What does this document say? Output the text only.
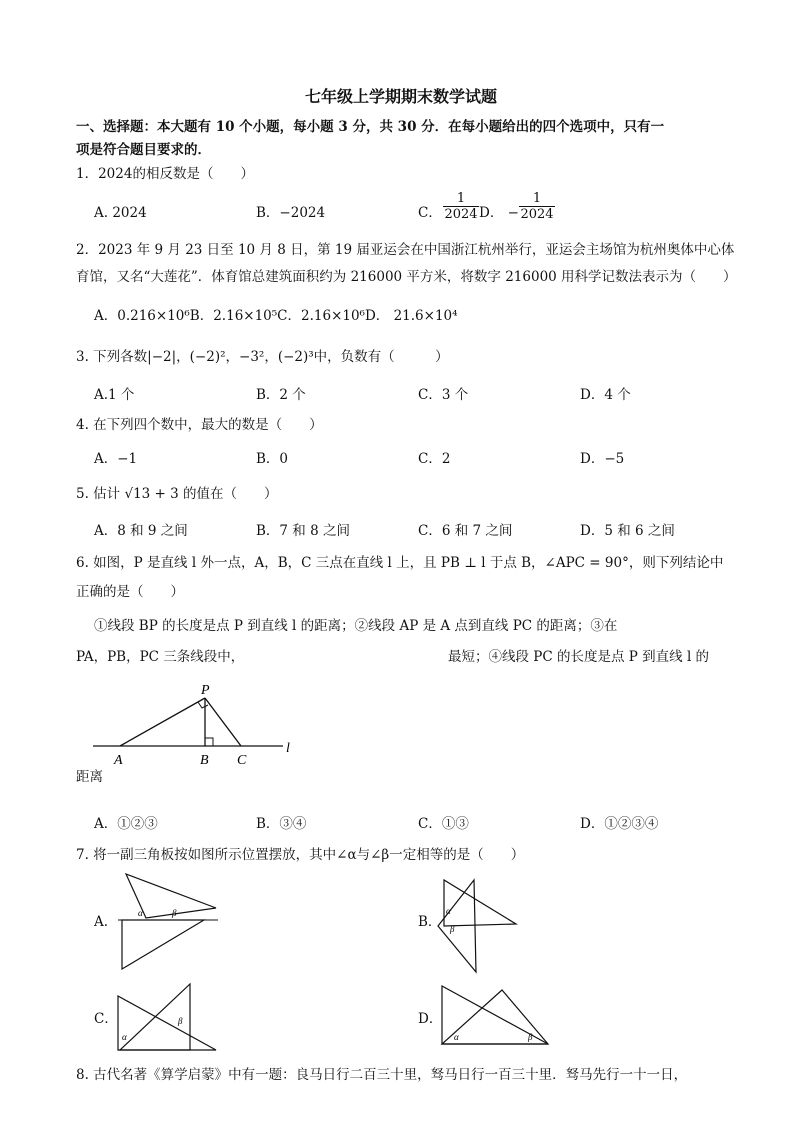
七年级上学期期末数学试题
一、选择题：本大题有 10 个小题，每小题 3 分，共 30 分．在每小题给出的四个选项中，只有一
项是符合题目要求的．
1．2024的相反数是（　　）
A. 2024	B．−2024	C． $\frac{1}{2024}$ D． − $\frac{1}{2024}$
2．2023 年 9 月 23 日至 10 月 8 日，第 19 届亚运会在中国浙江杭州举行，亚运会主场馆为杭州奥体中心体
育馆，又名“大莲花”．体育馆总建筑面积约为 216000 平方米，将数字 216000 用科学记数法表示为（　　）
A．0.216×10⁶B．2.16×10⁵C．2.16×10⁶D． 21.6×10⁴
3. 下列各数|−2|，(−2)²，−3²，(−2)³中，负数有（　　　）
A.1 个	B．2 个	C．3 个	D．4 个
4. 在下列四个数中，最大的数是（　　）
A．−1	B．0	C．2	D．−5
5. 估计 √13 + 3 的值在（　　）
A．8 和 9 之间	B．7 和 8 之间	C．6 和 7 之间	D．5 和 6 之间
6. 如图，P 是直线 l 外一点，A，B，C 三点在直线 l 上，且 PB ⊥ l 于点 B，∠APC = 90°，则下列结论中
正确的是（　　）
①线段 BP 的长度是点 P 到直线 l 的距离；②线段 AP 是 A 点到直线 PC 的距离；③在
PA，PB，PC 三条线段中，	最短；④线段 PC 的长度是点 P 到直线 l 的
P
A	B C
l
距离
A．①②③	B．③④	C．①③	D．①②③④
7. 将一副三角板按如图所示位置摆放，其中∠α与∠β一定相等的是（　　）
A.
α	β
B．
α
β
C．
α
β	D．
α	β
8. 古代名著《算学启蒙》中有一题：良马日行二百三十里，驽马日行一百三十里．驽马先行一十一日，
